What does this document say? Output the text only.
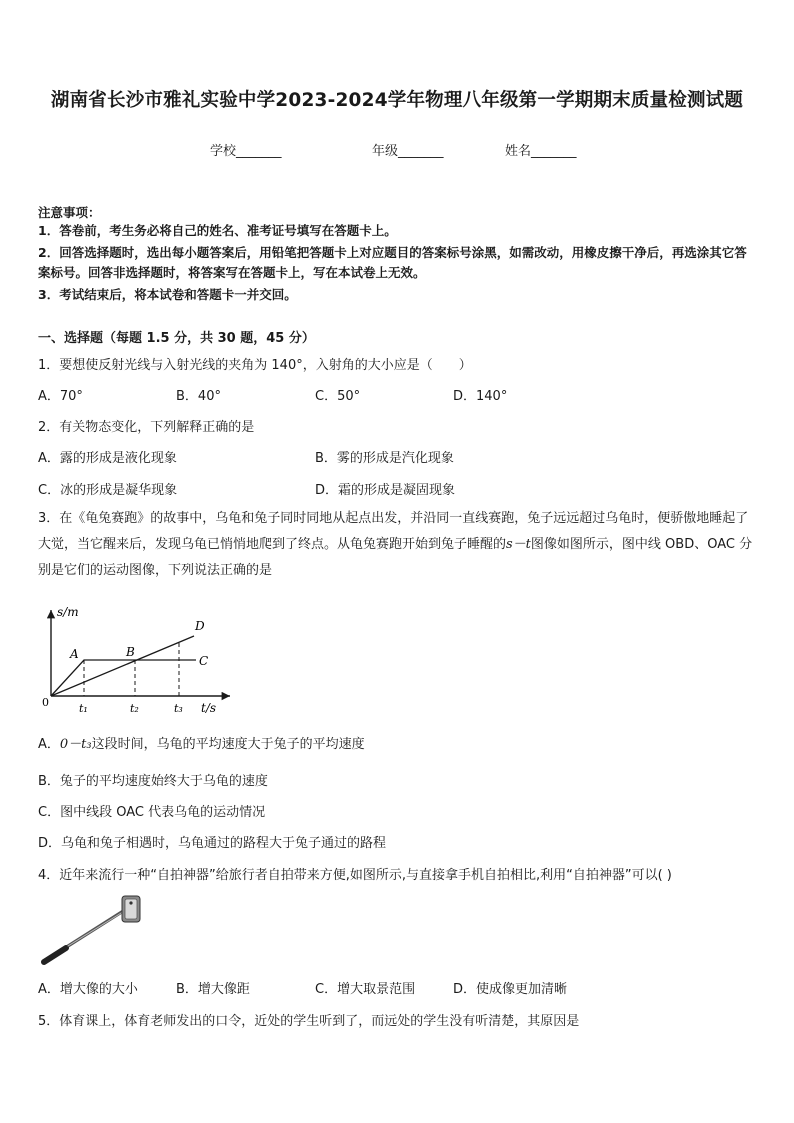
湖南省长沙市雅礼实验中学2023-2024学年物理八年级第一学期期末质量检测试题
学校_______	年级_______	姓名_______
注意事项：
1．答卷前，考生务必将自己的姓名、准考证号填写在答题卡上。
2．回答选择题时，选出每小题答案后，用铅笔把答题卡上对应题目的答案标号涂黑，如需改动，用橡皮擦干净后，再选涂其它答案标号。回答非选择题时，将答案写在答题卡上，写在本试卷上无效。
3．考试结束后，将本试卷和答题卡一并交回。
一、选择题（每题 1.5 分，共 30 题，45 分）
1．要想使反射光线与入射光线的夹角为 140°，入射角的大小应是（　　）
A．70°	B．40°	C．50°	D．140°
2．有关物态变化，下列解释正确的是
A．露的形成是液化现象	B．雾的形成是汽化现象
C．冰的形成是凝华现象	D．霜的形成是凝固现象
3．在《龟兔赛跑》的故事中，乌龟和兔子同时同地从起点出发，并沿同一直线赛跑，兔子远远超过乌龟时，便骄傲地睡起了大觉，当它醒来后，发现乌龟已悄悄地爬到了终点。从龟兔赛跑开始到兔子睡醒的s－t图像如图所示，图中线 OBD、OAC 分别是它们的运动图像，下列说法正确的是
s/m
t/s
0
A	B
C
D
t₁	t₂	t₃
A．0－t₃这段时间，乌龟的平均速度大于兔子的平均速度
B．兔子的平均速度始终大于乌龟的速度
C．图中线段 OAC 代表乌龟的运动情况
D．乌龟和兔子相遇时，乌龟通过的路程大于兔子通过的路程
4．近年来流行一种“自拍神器”给旅行者自拍带来方便,如图所示,与直接拿手机自拍相比,利用“自拍神器”可以( )
A．增大像的大小	B．增大像距	C．增大取景范围	D．使成像更加清晰
5．体育课上，体育老师发出的口令，近处的学生听到了，而远处的学生没有听清楚，其原因是
